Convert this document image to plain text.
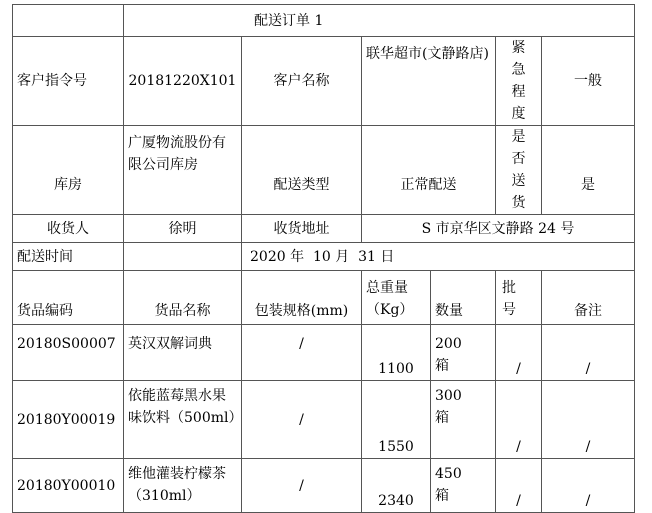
	配送订单 1					
客户指令号	20181220X101	客户名称	联华超市(文静路店)		紧急程度	一般
库房	广厦物流股份有限公司库房	配送类型	正常配送		是否送货	是
收货人	徐明	收货地址	S 市京华区文静路 24 号			
配送时间		2020 年  10 月  31 日				
货品编码	货品名称	包装规格(mm)	总重量（Kg）	数量	批号	备注
20180S00007	英汉双解词典	/	1100	200箱	/	/
20180Y00019	依能蓝莓黑水果味饮料（500ml）	/	1550	300箱	/	/
20180Y00010	维他灌装柠檬茶（310ml）	/	2340	450箱	/	/
